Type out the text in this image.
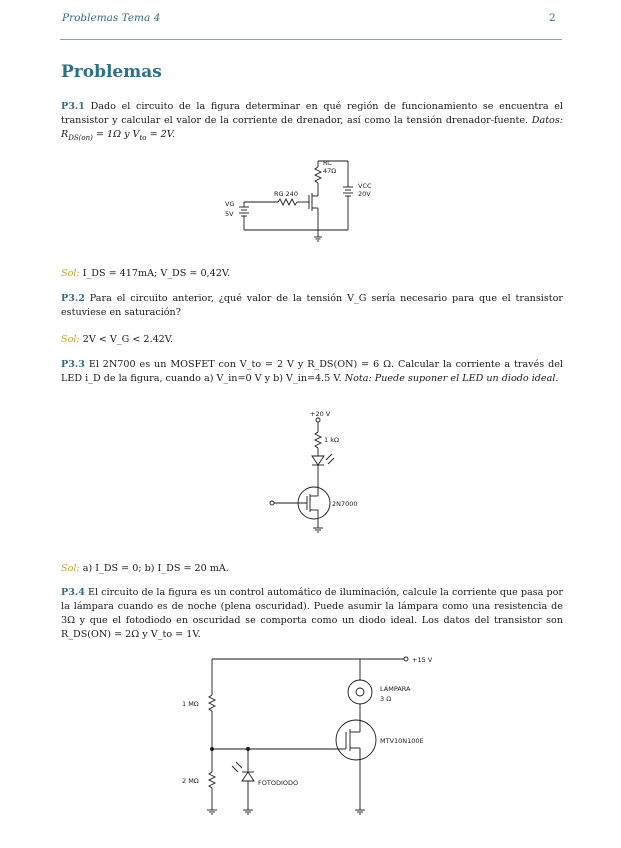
Problemas Tema 4	2
Problemas

P3.1 Dado el circuito de la figura determinar en qué región de funcionamiento se encuentra el transistor y calcular el valor de la corriente de drenador, así como la tensión drenador-fuente. Datos: $R_{DS(on)} = 1\Omega$ y $V_{to} = 2V$.

RC
47Ω
RG 240
VG
5V
VCC
20V

Sol: I_DS = 417mA; V_DS = 0,42V.

P3.2 Para el circuito anterior, ¿qué valor de la tensión V_G sería necesario para que el transistor estuviese en saturación?

Sol: 2V < V_G < 2.42V.

P3.3 El 2N700 es un MOSFET con V_to = 2 V y R_DS(ON) = 6 Ω. Calcular la corriente a través del LED i_D de la figura, cuando a) V_in=0 V y b) V_in=4.5 V. Nota: Puede suponer el LED un diodo ideal.

+20 V
1 kΩ
2N7000

Sol: a) I_DS = 0; b) I_DS = 20 mA.

P3.4 El circuito de la figura es un control automático de iluminación, calcule la corriente que pasa por la lámpara cuando es de noche (plena oscuridad). Puede asumir la lámpara como una resistencia de 3Ω y que el fotodiodo en oscuridad se comporta como un diodo ideal. Los datos del transistor son R_DS(ON) = 2Ω y V_to = 1V.

+15 V
LÁMPARA
3 Ω
1 MΩ
2 MΩ
MTV10N100E
FOTODIODO
